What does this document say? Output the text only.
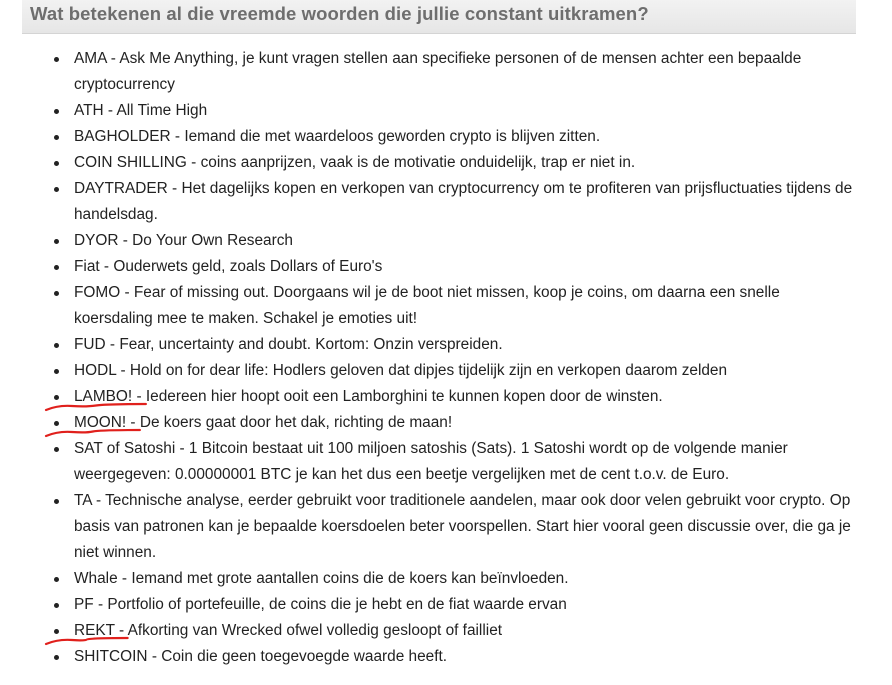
Wat betekenen al die vreemde woorden die jullie constant uitkramen?
AMA - Ask Me Anything, je kunt vragen stellen aan specifieke personen of de mensen achter een bepaalde cryptocurrency
ATH - All Time High
BAGHOLDER - Iemand die met waardeloos geworden crypto is blijven zitten.
COIN SHILLING - coins aanprijzen, vaak is de motivatie onduidelijk, trap er niet in.
DAYTRADER - Het dagelijks kopen en verkopen van cryptocurrency om te profiteren van prijsfluctuaties tijdens de handelsdag.
DYOR - Do Your Own Research
Fiat - Ouderwets geld, zoals Dollars of Euro's
FOMO - Fear of missing out. Doorgaans wil je de boot niet missen, koop je coins, om daarna een snelle koersdaling mee te maken. Schakel je emoties uit!
FUD - Fear, uncertainty and doubt. Kortom: Onzin verspreiden.
HODL - Hold on for dear life: Hodlers geloven dat dipjes tijdelijk zijn en verkopen daarom zelden
LAMBO! - Iedereen hier hoopt ooit een Lamborghini te kunnen kopen door de winsten.
MOON! - De koers gaat door het dak, richting de maan!
SAT of Satoshi - 1 Bitcoin bestaat uit 100 miljoen satoshis (Sats). 1 Satoshi wordt op de volgende manier weergegeven: 0.00000001 BTC je kan het dus een beetje vergelijken met de cent t.o.v. de Euro.
TA - Technische analyse, eerder gebruikt voor traditionele aandelen, maar ook door velen gebruikt voor crypto. Op basis van patronen kan je bepaalde koersdoelen beter voorspellen. Start hier vooral geen discussie over, die ga je niet winnen.
Whale - Iemand met grote aantallen coins die de koers kan beïnvloeden.
PF - Portfolio of portefeuille, de coins die je hebt en de fiat waarde ervan
REKT - Afkorting van Wrecked ofwel volledig gesloopt of failliet
SHITCOIN - Coin die geen toegevoegde waarde heeft.
